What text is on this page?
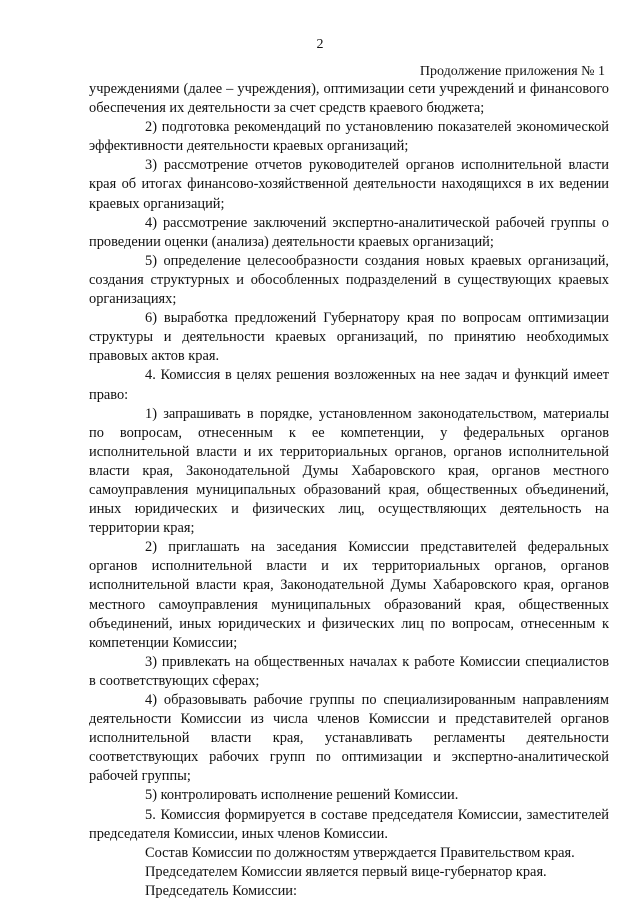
2
Продолжение приложения № 1

учреждениями (далее – учреждения), оптимизации сети учреждений и финансового обеспечения их деятельности за счет средств краевого бюджета;

2) подготовка рекомендаций по установлению показателей экономической эффективности деятельности краевых организаций;

3) рассмотрение отчетов руководителей органов исполнительной власти края об итогах финансово-хозяйственной деятельности находящихся в их ведении краевых организаций;

4) рассмотрение заключений экспертно-аналитической рабочей группы о проведении оценки (анализа) деятельности краевых организаций;

5) определение целесообразности создания новых краевых организаций, создания структурных и обособленных подразделений в существующих краевых организациях;

6) выработка предложений Губернатору края по вопросам оптимизации структуры и деятельности краевых организаций, по принятию необходимых правовых актов края.

4. Комиссия в целях решения возложенных на нее задач и функций имеет право:

1) запрашивать в порядке, установленном законодательством, материалы по вопросам, отнесенным к ее компетенции, у федеральных органов исполнительной власти и их территориальных органов, органов исполнительной власти края, Законодательной Думы Хабаровского края, органов местного самоуправления муниципальных образований края, общественных объединений, иных юридических и физических лиц, осуществляющих деятельность на территории края;

2) приглашать на заседания Комиссии представителей федеральных органов исполнительной власти и их территориальных органов, органов исполнительной власти края, Законодательной Думы Хабаровского края, органов местного самоуправления муниципальных образований края, общественных объединений, иных юридических и физических лиц по вопросам, отнесенным к компетенции Комиссии;

3) привлекать на общественных началах к работе Комиссии специалистов в соответствующих сферах;

4) образовывать рабочие группы по специализированным направлениям деятельности Комиссии из числа членов Комиссии и представителей органов исполнительной власти края, устанавливать регламенты деятельности соответствующих рабочих групп по оптимизации и экспертно-аналитической рабочей группы;

5) контролировать исполнение решений Комиссии.

5. Комиссия формируется в составе председателя Комиссии, заместителей председателя Комиссии, иных членов Комиссии.

Состав Комиссии по должностям утверждается Правительством края.

Председателем Комиссии является первый вице-губернатор края.

Председатель Комиссии:
